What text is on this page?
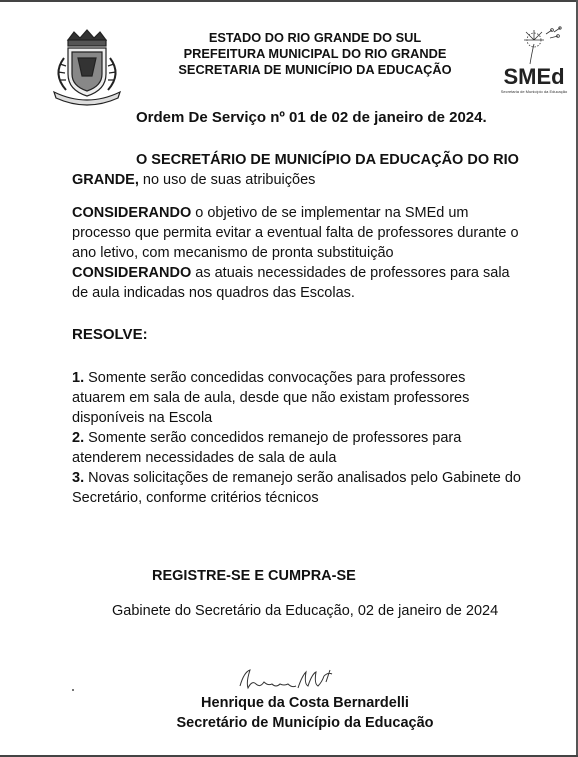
ESTADO DO RIO GRANDE DO SUL
PREFEITURA MUNICIPAL DO RIO GRANDE
SECRETARIA DE MUNICÍPIO DA EDUCAÇÃO	SMEd
Secretaria de Município da Educação
Ordem De Serviço nº 01 de 02 de janeiro de 2024.
O SECRETÁRIO DE MUNICÍPIO DA EDUCAÇÃO DO RIO GRANDE, no uso de suas atribuições
CONSIDERANDO o objetivo de se implementar na SMEd um processo que permita evitar a eventual falta de professores durante o ano letivo, com mecanismo de pronta substituição
CONSIDERANDO as atuais necessidades de professores para sala de aula indicadas nos quadros das Escolas.
RESOLVE:
1. Somente serão concedidas convocações para professores atuarem em sala de aula, desde que não existam professores disponíveis na Escola
2. Somente serão concedidos remanejo de professores para atenderem necessidades de sala de aula
3. Novas solicitações de remanejo serão analisados pelo Gabinete do Secretário, conforme critérios técnicos
REGISTRE-SE E CUMPRA-SE
Gabinete do Secretário da Educação, 02 de janeiro de 2024
Henrique da Costa Bernardelli
Secretário de Município da Educação
